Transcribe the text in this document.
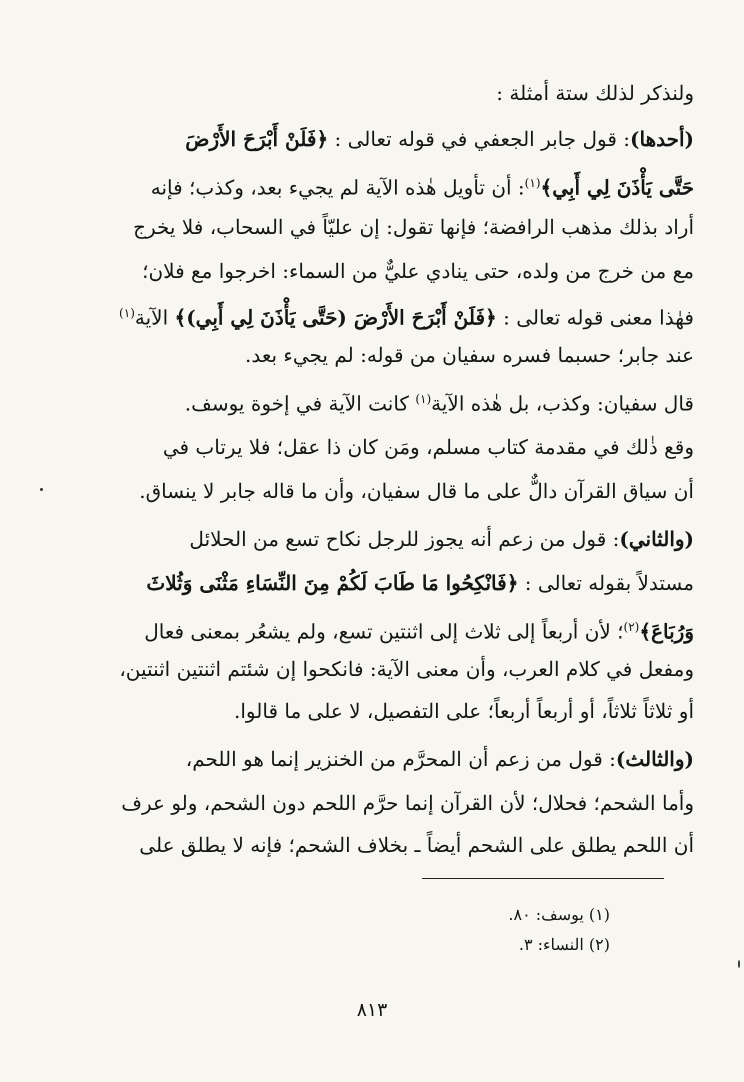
ولنذكر لذلك ستة أمثلة :
(أحدها): قول جابر الجعفي في قوله تعالى : ﴿فَلَنْ أَبْرَحَ الأَرْضَ
حَتَّى يَأْذَنَ لِي أَبِي﴾$^{(١)}$: أن تأويل هٰذه الآية لم يجيء بعد، وكذب؛ فإنه
أراد بذلك مذهب الرافضة؛ فإنها تقول: إن عليّاً في السحاب، فلا يخرج
مع من خرج من ولده، حتى ينادي عليٌّ من السماء: اخرجوا مع فلان؛
فهٰذا معنى قوله تعالى : ﴿فَلَنْ أَبْرَحَ الأَرْضَ (حَتَّى يَأْذَنَ لِي أَبِي)﴾ الآية$^{(١)}$
عند جابر؛ حسبما فسره سفيان من قوله: لم يجيء بعد.
قال سفيان: وكذب، بل هٰذه الآية$^{(١)}$ كانت الآية في إخوة يوسف.
وقع ذٰلك في مقدمة كتاب مسلم، ومَن كان ذا عقل؛ فلا يرتاب في
أن سياق القرآن دالٌّ على ما قال سفيان، وأن ما قاله جابر لا ينساق.
(والثاني): قول من زعم أنه يجوز للرجل نكاح تسع من الحلائل
مستدلاً بقوله تعالى : ﴿فَانْكِحُوا مَا طَابَ لَكُمْ مِنَ النِّسَاءِ مَثْنَى وَثُلاثَ
وَرُبَاعَ﴾$^{(٢)}$؛ لأن أربعاً إلى ثلاث إلى اثنتين تسع، ولم يشعُر بمعنى فعال
ومفعل في كلام العرب، وأن معنى الآية: فانكحوا إن شئتم اثنتين اثنتين،
أو ثلاثاً ثلاثاً، أو أربعاً أربعاً؛ على التفصيل، لا على ما قالوا.
(والثالث): قول من زعم أن المحرَّم من الخنزير إنما هو اللحم،
وأما الشحم؛ فحلال؛ لأن القرآن إنما حرَّم اللحم دون الشحم، ولو عرف
أن اللحم يطلق على الشحم أيضاً ـ بخلاف الشحم؛ فإنه لا يطلق على
(١) يوسف: ٨٠.
(٢) النساء: ٣.
٨١٣
